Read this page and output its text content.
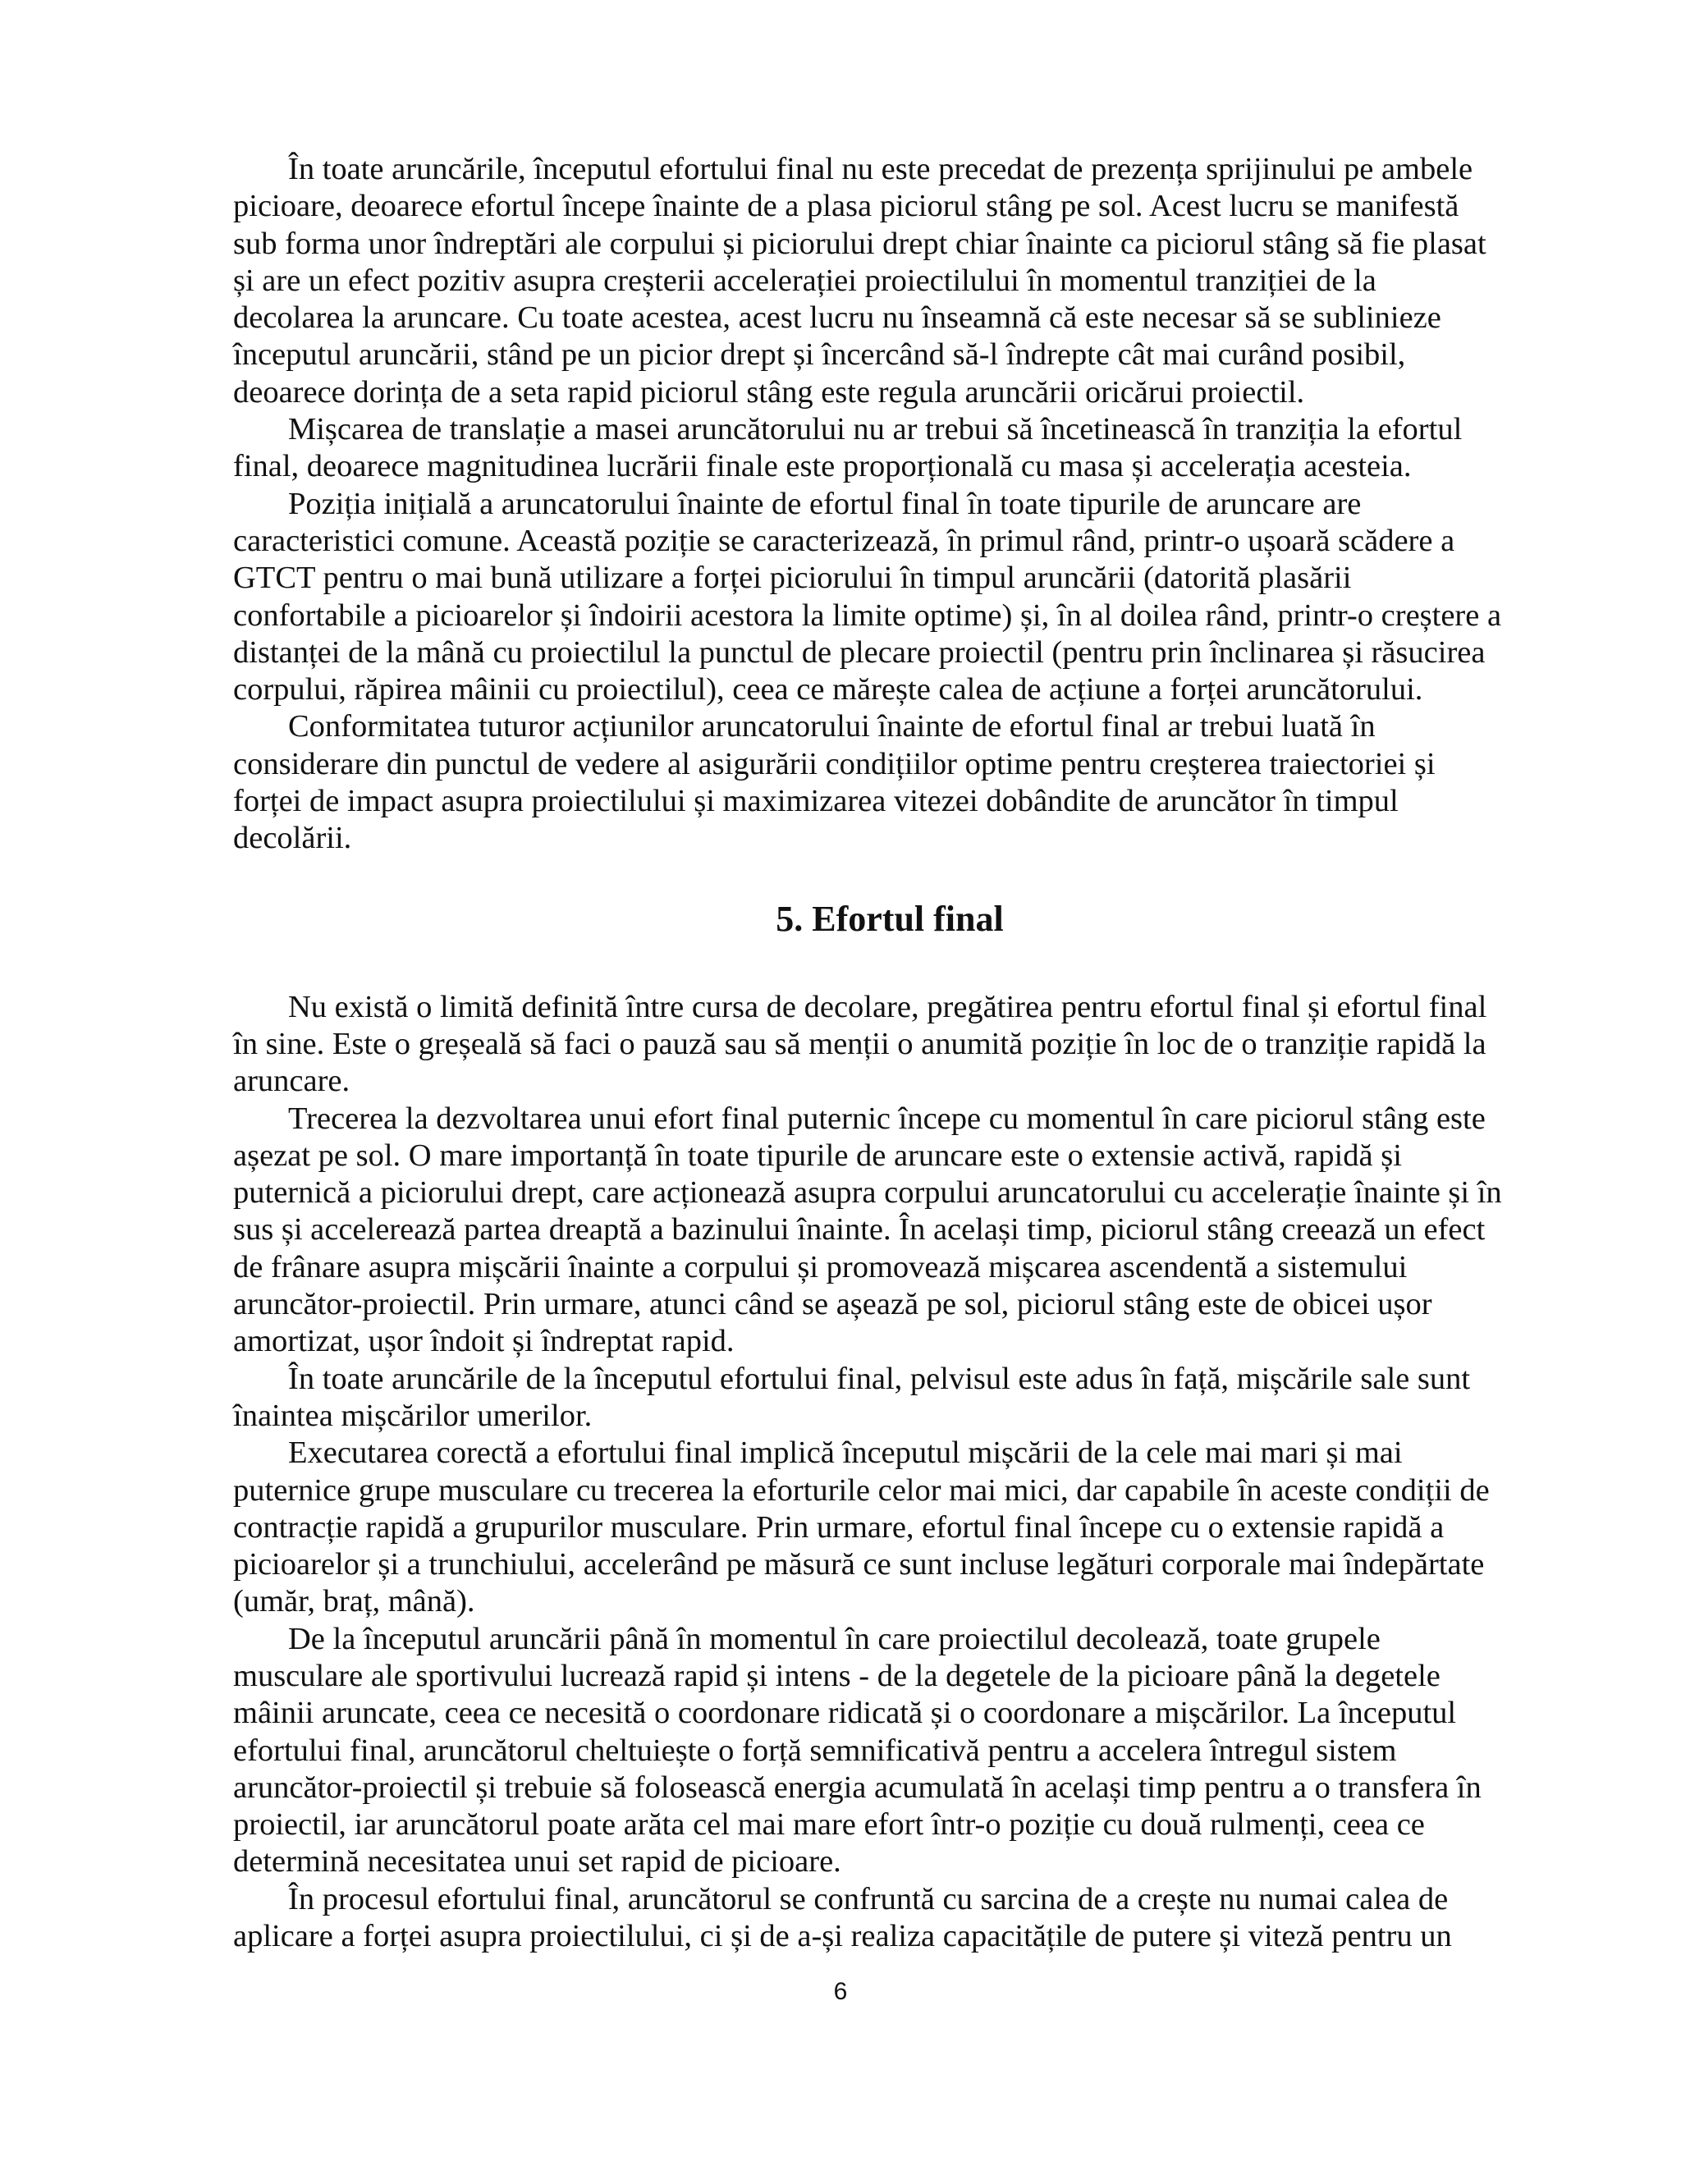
În toate aruncările, începutul efortului final nu este precedat de prezența sprijinului pe ambele
picioare, deoarece efortul începe înainte de a plasa piciorul stâng pe sol. Acest lucru se manifestă
sub forma unor îndreptări ale corpului și piciorului drept chiar înainte ca piciorul stâng să fie plasat
și are un efect pozitiv asupra creșterii accelerației proiectilului în momentul tranziției de la
decolarea la aruncare. Cu toate acestea, acest lucru nu înseamnă că este necesar să se sublinieze
începutul aruncării, stând pe un picior drept și încercând să-l îndrepte cât mai curând posibil,
deoarece dorința de a seta rapid piciorul stâng este regula aruncării oricărui proiectil.

Mișcarea de translație a masei aruncătorului nu ar trebui să încetinească în tranziția la efortul
final, deoarece magnitudinea lucrării finale este proporțională cu masa și accelerația acesteia.

Poziția inițială a aruncatorului înainte de efortul final în toate tipurile de aruncare are
caracteristici comune. Această poziție se caracterizează, în primul rând, printr-o ușoară scădere a
GTCT pentru o mai bună utilizare a forței piciorului în timpul aruncării (datorită plasării
confortabile a picioarelor și îndoirii acestora la limite optime) și, în al doilea rând, printr-o creștere a
distanței de la mână cu proiectilul la punctul de plecare proiectil (pentru prin înclinarea și răsucirea
corpului, răpirea mâinii cu proiectilul), ceea ce mărește calea de acțiune a forței aruncătorului.

Conformitatea tuturor acțiunilor aruncatorului înainte de efortul final ar trebui luată în
considerare din punctul de vedere al asigurării condițiilor optime pentru creșterea traiectoriei și
forței de impact asupra proiectilului și maximizarea vitezei dobândite de aruncător în timpul
decolării.

5. Efortul final

Nu există o limită definită între cursa de decolare, pregătirea pentru efortul final și efortul final
în sine. Este o greșeală să faci o pauză sau să menții o anumită poziție în loc de o tranziție rapidă la
aruncare.

Trecerea la dezvoltarea unui efort final puternic începe cu momentul în care piciorul stâng este
așezat pe sol. O mare importanță în toate tipurile de aruncare este o extensie activă, rapidă și
puternică a piciorului drept, care acționează asupra corpului aruncatorului cu accelerație înainte și în
sus și accelerează partea dreaptă a bazinului înainte. În același timp, piciorul stâng creează un efect
de frânare asupra mișcării înainte a corpului și promovează mișcarea ascendentă a sistemului
aruncător-proiectil. Prin urmare, atunci când se așează pe sol, piciorul stâng este de obicei ușor
amortizat, ușor îndoit și îndreptat rapid.

În toate aruncările de la începutul efortului final, pelvisul este adus în față, mișcările sale sunt
înaintea mișcărilor umerilor.

Executarea corectă a efortului final implică începutul mișcării de la cele mai mari și mai
puternice grupe musculare cu trecerea la eforturile celor mai mici, dar capabile în aceste condiții de
contracție rapidă a grupurilor musculare. Prin urmare, efortul final începe cu o extensie rapidă a
picioarelor și a trunchiului, accelerând pe măsură ce sunt incluse legături corporale mai îndepărtate
(umăr, braț, mână).

De la începutul aruncării până în momentul în care proiectilul decolează, toate grupele
musculare ale sportivului lucrează rapid și intens - de la degetele de la picioare până la degetele
mâinii aruncate, ceea ce necesită o coordonare ridicată și o coordonare a mișcărilor. La începutul
efortului final, aruncătorul cheltuiește o forță semnificativă pentru a accelera întregul sistem
aruncător-proiectil și trebuie să folosească energia acumulată în același timp pentru a o transfera în
proiectil, iar aruncătorul poate arăta cel mai mare efort într-o poziție cu două rulmenți, ceea ce
determină necesitatea unui set rapid de picioare.

În procesul efortului final, aruncătorul se confruntă cu sarcina de a crește nu numai calea de
aplicare a forței asupra proiectilului, ci și de a-și realiza capacitățile de putere și viteză pentru un

6
